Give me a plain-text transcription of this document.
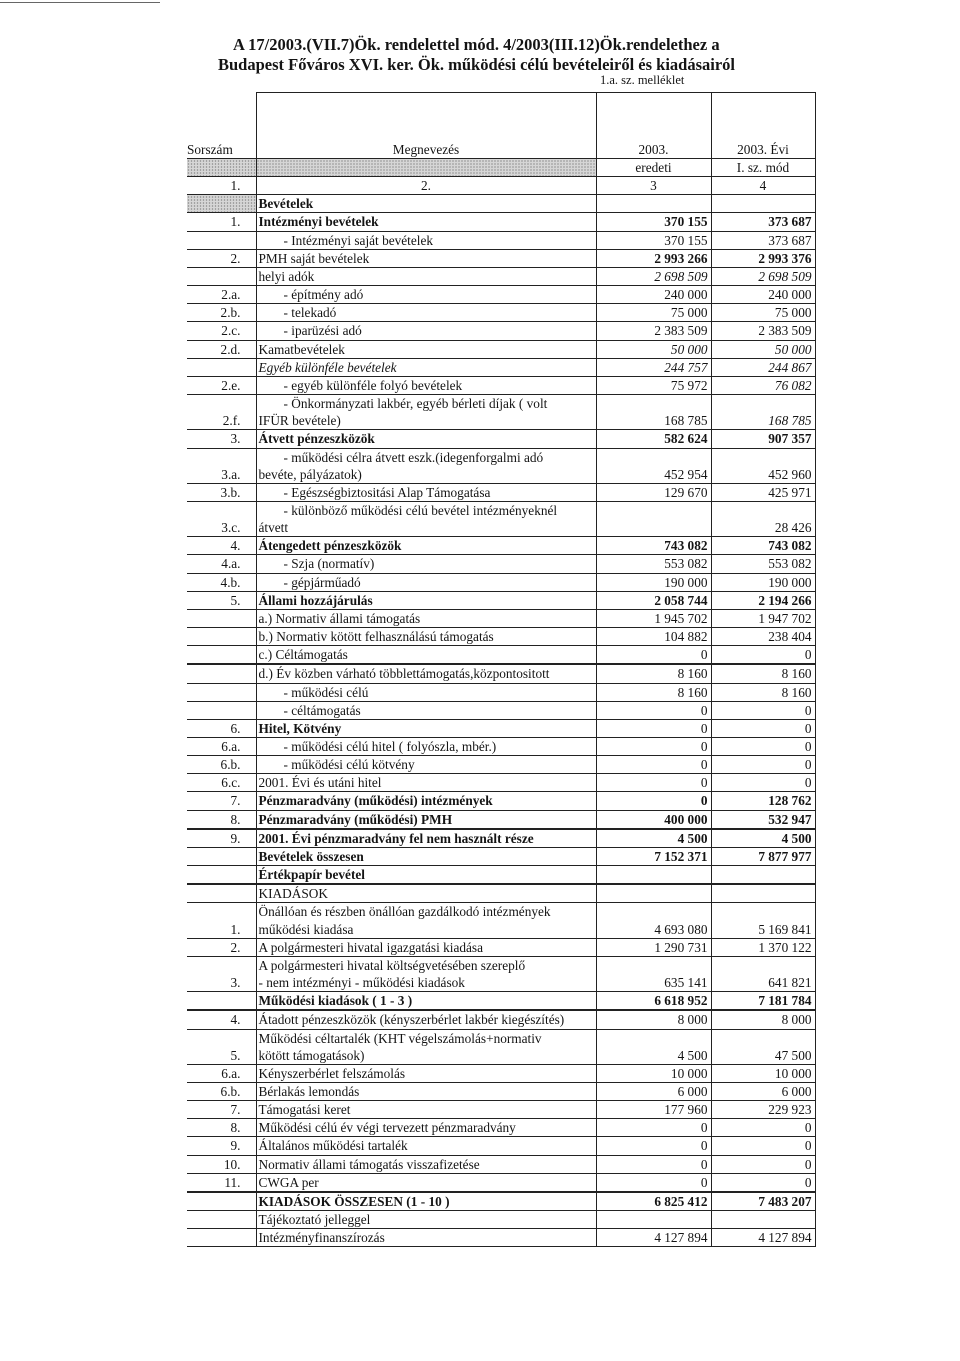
A 17/2003.(VII.7)Ök. rendelettel mód. 4/2003(III.12)Ök.rendelethez a
Budapest Főváros XVI. ker. Ök. működési célú bevételeiről és kiadásairól
1.a. sz. melléklet
Sorszám	Megnevezés	2003.	2003. Évi
		eredeti	I. sz. mód
1.	2.	3	4
	Bevételek		
1.	Intézményi bevételek	370 155	373 687
	- Intézményi saját bevételek	370 155	373 687
2.	PMH saját bevételek	2 993 266	2 993 376
	helyi adók	2 698 509	2 698 509
2.a.	- építmény adó	240 000	240 000
2.b.	- telekadó	75 000	75 000
2.c.	- iparüzési adó	2 383 509	2 383 509
2.d.	Kamatbevételek	50 000	50 000
	Egyéb különféle bevételek	244 757	244 867
2.e.	- egyéb különféle folyó bevételek	75 972	76 082
2.f.	- Önkormányzati lakbér, egyéb bérleti díjak ( volt
IFÜR bevétele)	168 785	168 785
3.	Átvett pénzeszközök	582 624	907 357
3.a.	- működési célra átvett eszk.(idegenforgalmi adó
bevéte, pályázatok)	452 954	452 960
3.b.	- Egészségbiztositási Alap Támogatása	129 670	425 971
3.c.	- különböző működési célú bevétel intézményeknél
átvett		28 426
4.	Átengedett pénzeszközök	743 082	743 082
4.a.	- Szja (normatív)	553 082	553 082
4.b.	- gépjárműadó	190 000	190 000
5.	Állami hozzájárulás	2 058 744	2 194 266
	a.) Normativ állami támogatás	1 945 702	1 947 702
	b.) Normativ kötött felhasználású támogatás	104 882	238 404
	c.) Céltámogatás	0	0

	d.) Év közben várható többlettámogatás,központositott	8 160	8 160
	- működési célú	8 160	8 160
	- céltámogatás	0	0
6.	Hitel, Kötvény	0	0
6.a.	- működési célú hitel ( folyószla, mbér.)	0	0
6.b.	- működési célú kötvény	0	0
6.c.	2001. Évi és utáni hitel	0	0
7.	Pénzmaradvány (működési) intézmények	0	128 762
8.	Pénzmaradvány (működési) PMH	400 000	532 947

9.	2001. Évi pénzmaradvány fel nem használt része	4 500	4 500
	Bevételek összesen	7 152 371	7 877 977
	Értékpapír bevétel		

	KIADÁSOK		
1.	Önállóan és részben önállóan gazdálkodó intézmények
működési kiadása	4 693 080	5 169 841
2.	A polgármesteri hivatal igazgatási kiadása	1 290 731	1 370 122
3.	A polgármesteri hivatal költségvetésében szereplő
- nem intézményi - működési kiadások	635 141	641 821
	Működési kiadások ( 1 - 3 )	6 618 952	7 181 784

4.	Átadott pénzeszközök (kényszerbérlet lakbér kiegészítés)	8 000	8 000
5.	Működési céltartalék (KHT végelszámolás+normativ
kötött támogatások)	4 500	47 500
6.a.	Kényszerbérlet felszámolás	10 000	10 000
6.b.	Bérlakás lemondás	6 000	6 000
7.	Támogatási keret	177 960	229 923
8.	Működési célú év végi tervezett pénzmaradvány	0	0
9.	Általános működési tartalék	0	0
10.	Normativ állami támogatás visszafizetése	0	0
11.	CWGA per	0	0

	KIADÁSOK ÖSSZESEN (1 - 10 )	6 825 412	7 483 207
	Tájékoztató jelleggel		
	Intézményfinanszírozás	4 127 894	4 127 894
